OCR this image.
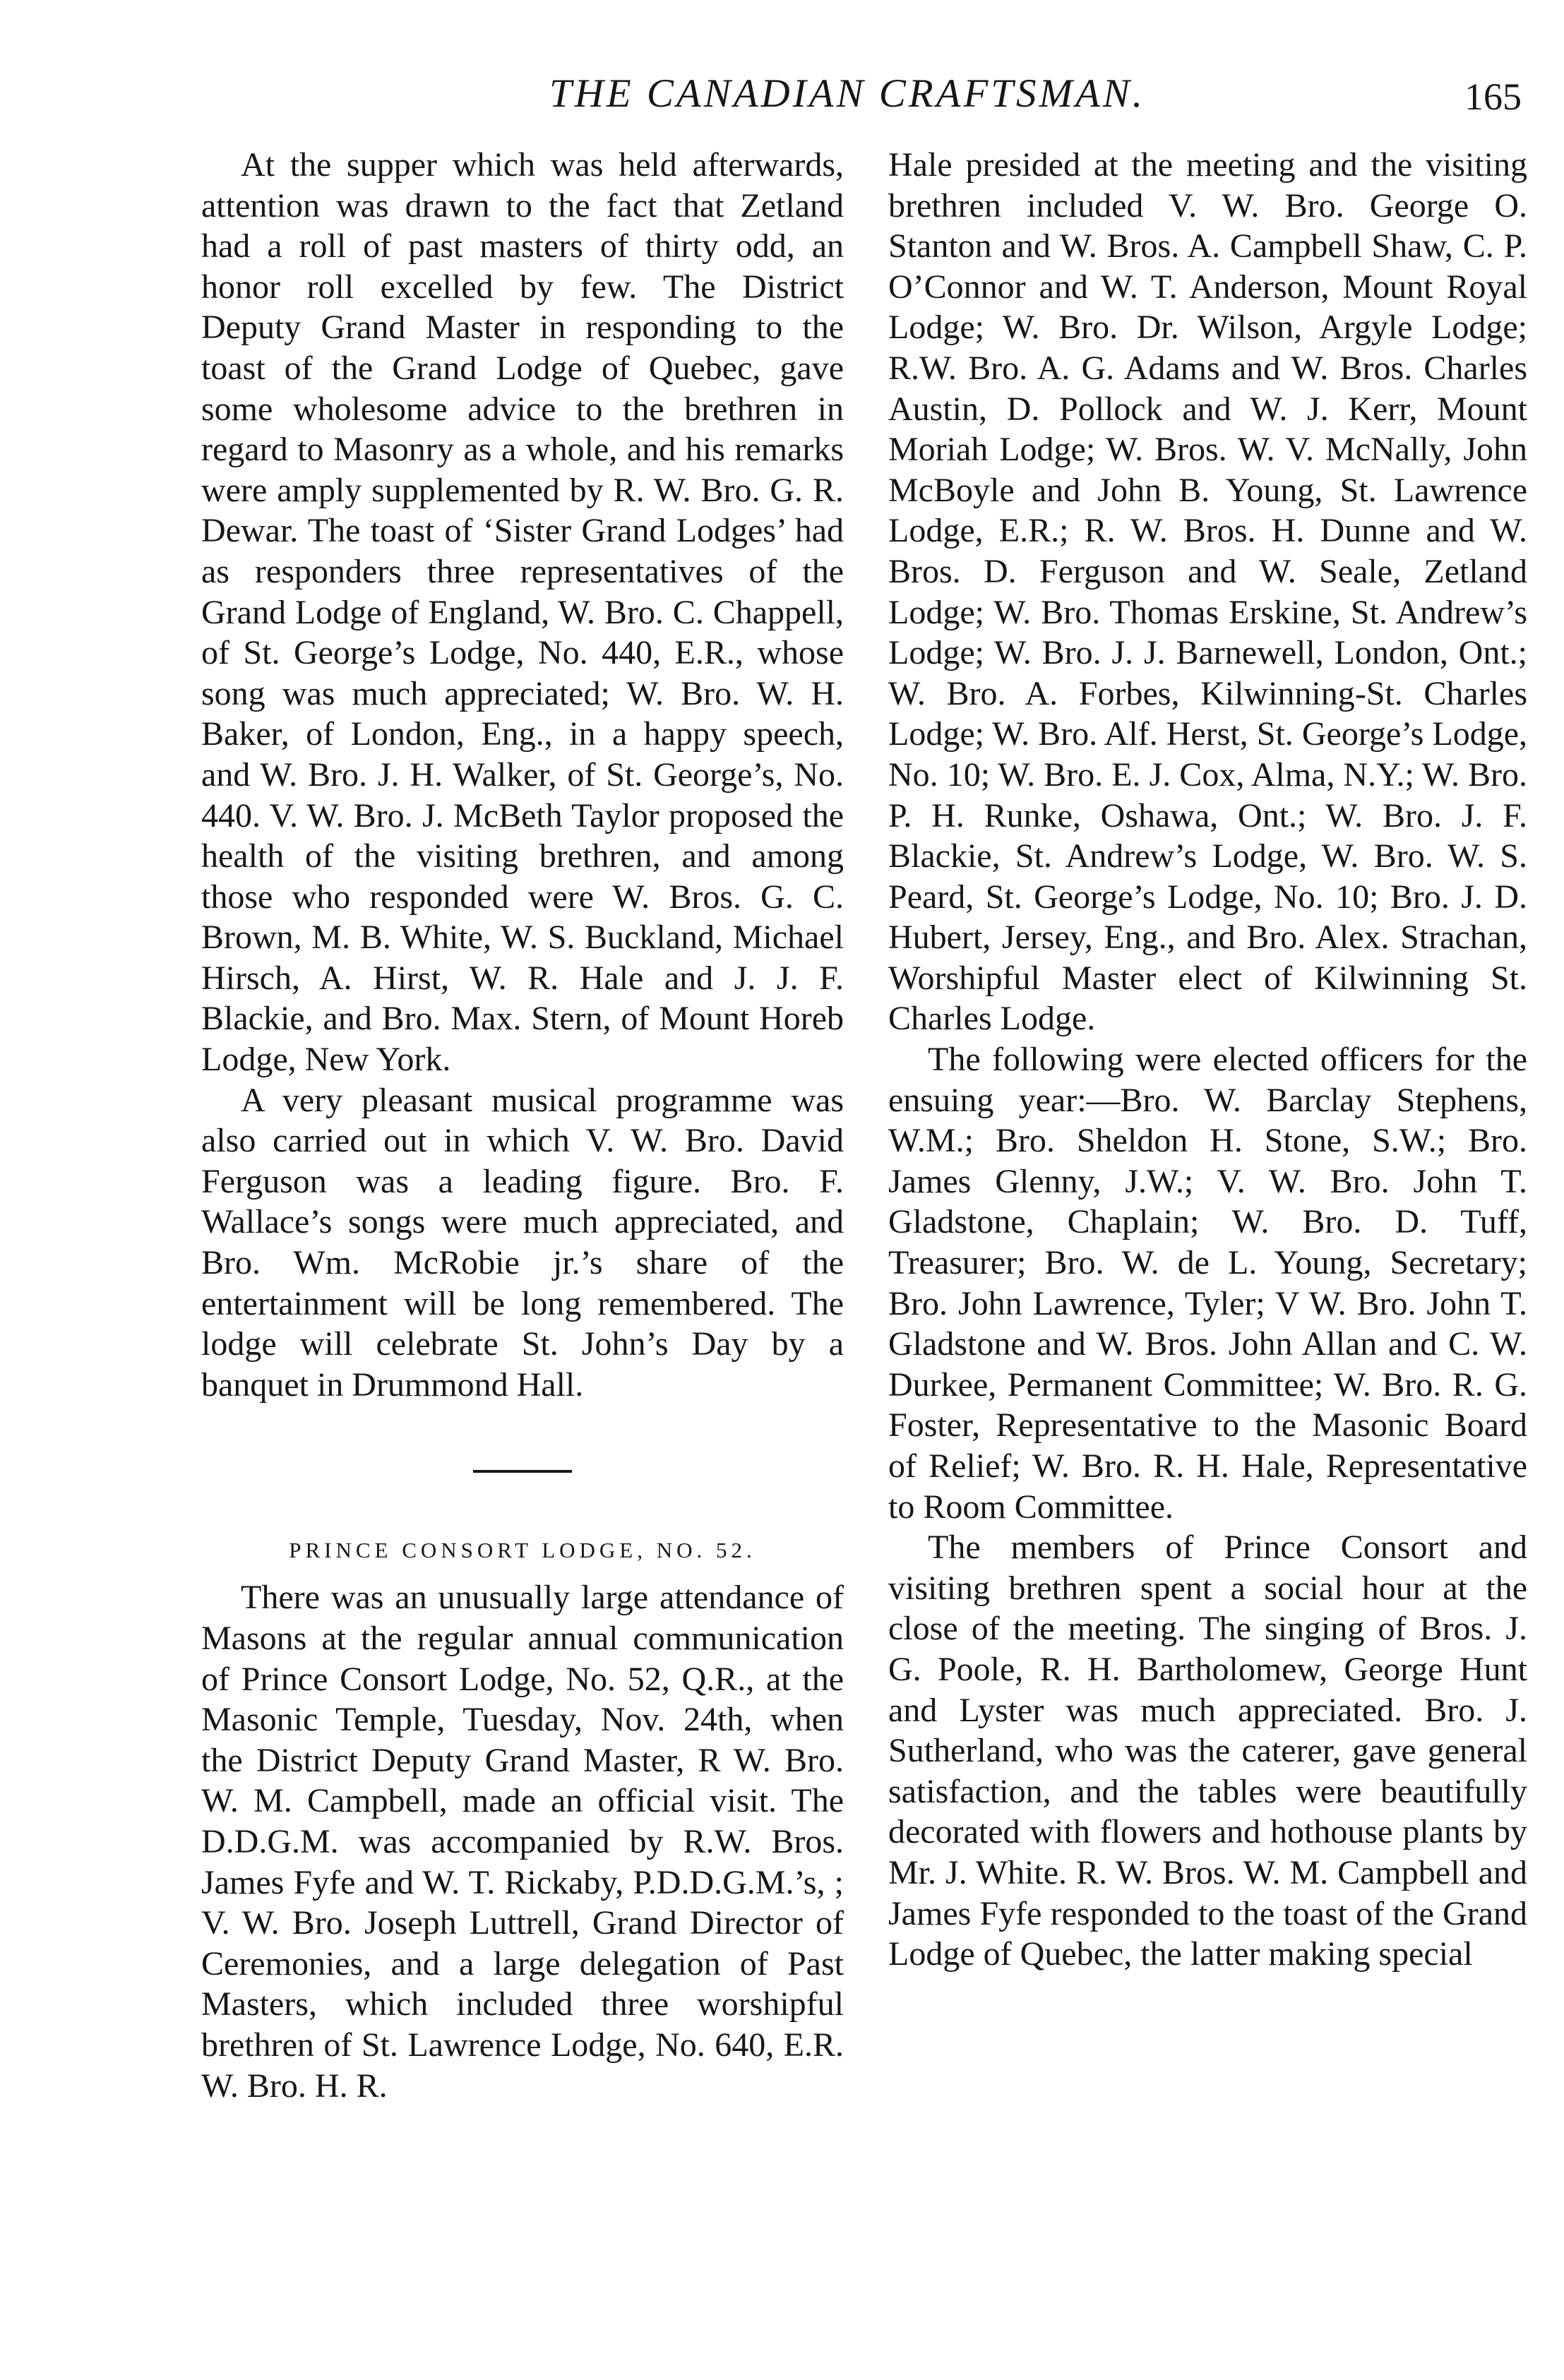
THE CANADIAN CRAFTSMAN.	165

At the supper which was held afterwards, attention was drawn to the fact that Zetland had a roll of past masters of thirty odd, an honor roll excelled by few. The District Deputy Grand Master in responding to the toast of the Grand Lodge of Quebec, gave some wholesome advice to the brethren in regard to Masonry as a whole, and his remarks were amply supplemented by R. W. Bro. G. R. Dewar. The toast of ‘Sister Grand Lodges’ had as responders three representatives of the Grand Lodge of England, W. Bro. C. Chappell, of St. George’s Lodge, No. 440, E.R., whose song was much appreciated; W. Bro. W. H. Baker, of London, Eng., in a happy speech, and W. Bro. J. H. Walker, of St. George’s, No. 440. V. W. Bro. J. McBeth Taylor proposed the health of the visiting brethren, and among those who responded were W. Bros. G. C. Brown, M. B. White, W. S. Buckland, Michael Hirsch, A. Hirst, W. R. Hale and J. J. F. Blackie, and Bro. Max. Stern, of Mount Horeb Lodge, New York.

A very pleasant musical programme was also carried out in which V. W. Bro. David Ferguson was a leading figure. Bro. F. Wallace’s songs were much appreciated, and Bro. Wm. McRobie jr.’s share of the entertainment will be long remembered. The lodge will celebrate St. John’s Day by a banquet in Drummond Hall.

PRINCE CONSORT LODGE, NO. 52.

There was an unusually large attendance of Masons at the regular annual communication of Prince Consort Lodge, No. 52, Q.R., at the Masonic Temple, Tuesday, Nov. 24th, when the District Deputy Grand Master, R W. Bro. W. M. Campbell, made an official visit. The D.D.G.M. was accompanied by R.W. Bros. James Fyfe and W. T. Rickaby, P.D.D.G.M.’s, ; V. W. Bro. Joseph Luttrell, Grand Director of Ceremonies, and a large delegation of Past Masters, which included three worshipful brethren of St. Lawrence Lodge, No. 640, E.R. W. Bro. H. R.

Hale presided at the meeting and the visiting brethren included V. W. Bro. George O. Stanton and W. Bros. A. Campbell Shaw, C. P. O’Connor and W. T. Anderson, Mount Royal Lodge; W. Bro. Dr. Wilson, Argyle Lodge; R.W. Bro. A. G. Adams and W. Bros. Charles Austin, D. Pollock and W. J. Kerr, Mount Moriah Lodge; W. Bros. W. V. McNally, John McBoyle and John B. Young, St. Lawrence Lodge, E.R.; R. W. Bros. H. Dunne and W. Bros. D. Ferguson and W. Seale, Zetland Lodge; W. Bro. Thomas Erskine, St. Andrew’s Lodge; W. Bro. J. J. Barnewell, London, Ont.; W. Bro. A. Forbes, Kilwinning-St. Charles Lodge; W. Bro. Alf. Herst, St. George’s Lodge, No. 10; W. Bro. E. J. Cox, Alma, N.Y.; W. Bro. P. H. Runke, Oshawa, Ont.; W. Bro. J. F. Blackie, St. Andrew’s Lodge, W. Bro. W. S. Peard, St. George’s Lodge, No. 10; Bro. J. D. Hubert, Jersey, Eng., and Bro. Alex. Strachan, Worshipful Master elect of Kilwinning St. Charles Lodge.

The following were elected officers for the ensuing year:—Bro. W. Barclay Stephens, W.M.; Bro. Sheldon H. Stone, S.W.; Bro. James Glenny, J.W.; V. W. Bro. John T. Gladstone, Chaplain; W. Bro. D. Tuff, Treasurer; Bro. W. de L. Young, Secretary; Bro. John Lawrence, Tyler; V W. Bro. John T. Gladstone and W. Bros. John Allan and C. W. Durkee, Permanent Committee; W. Bro. R. G. Foster, Representative to the Masonic Board of Relief; W. Bro. R. H. Hale, Representative to Room Committee.

The members of Prince Consort and visiting brethren spent a social hour at the close of the meeting. The singing of Bros. J. G. Poole, R. H. Bartholomew, George Hunt and Lyster was much appreciated. Bro. J. Sutherland, who was the caterer, gave general satisfaction, and the tables were beautifully decorated with flowers and hothouse plants by Mr. J. White. R. W. Bros. W. M. Campbell and James Fyfe responded to the toast of the Grand Lodge of Quebec, the latter making special
